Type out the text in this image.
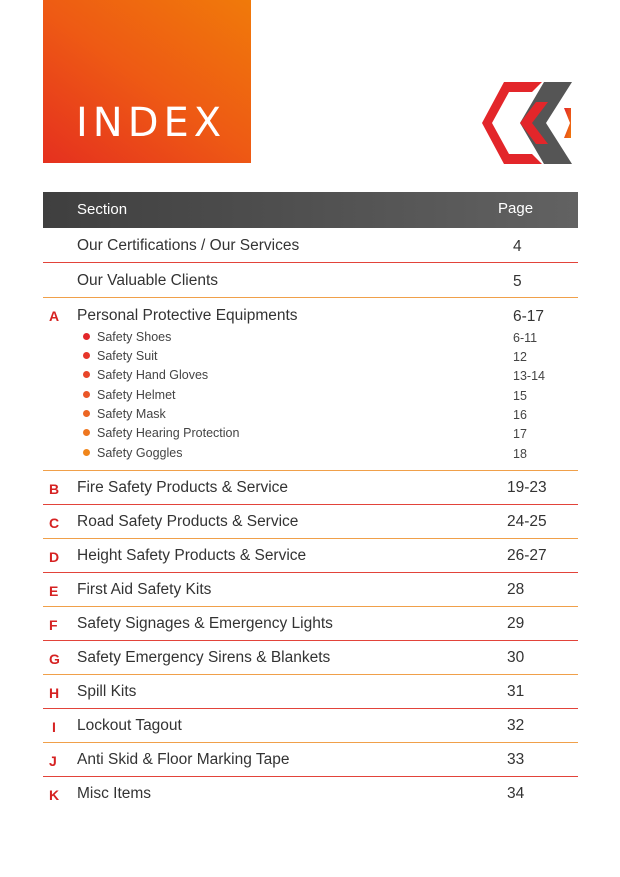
INDEX
Section	Page
Our Certifications / Our Services	4
Our Valuable Clients	5
A Personal Protective Equipments	6-17
Safety Shoes	6-11
Safety Suit	12
Safety Hand Gloves	13-14
Safety Helmet	15
Safety Mask	16
Safety Hearing Protection	17
Safety Goggles	18
B Fire Safety Products & Service	19-23
C Road Safety Products & Service	24-25
D Height Safety Products & Service	26-27
E First Aid Safety Kits	28
F Safety Signages & Emergency Lights	29
G Safety Emergency Sirens & Blankets	30
H Spill Kits	31
I Lockout Tagout	32
J Anti Skid & Floor Marking Tape	33
K Misc Items	34
